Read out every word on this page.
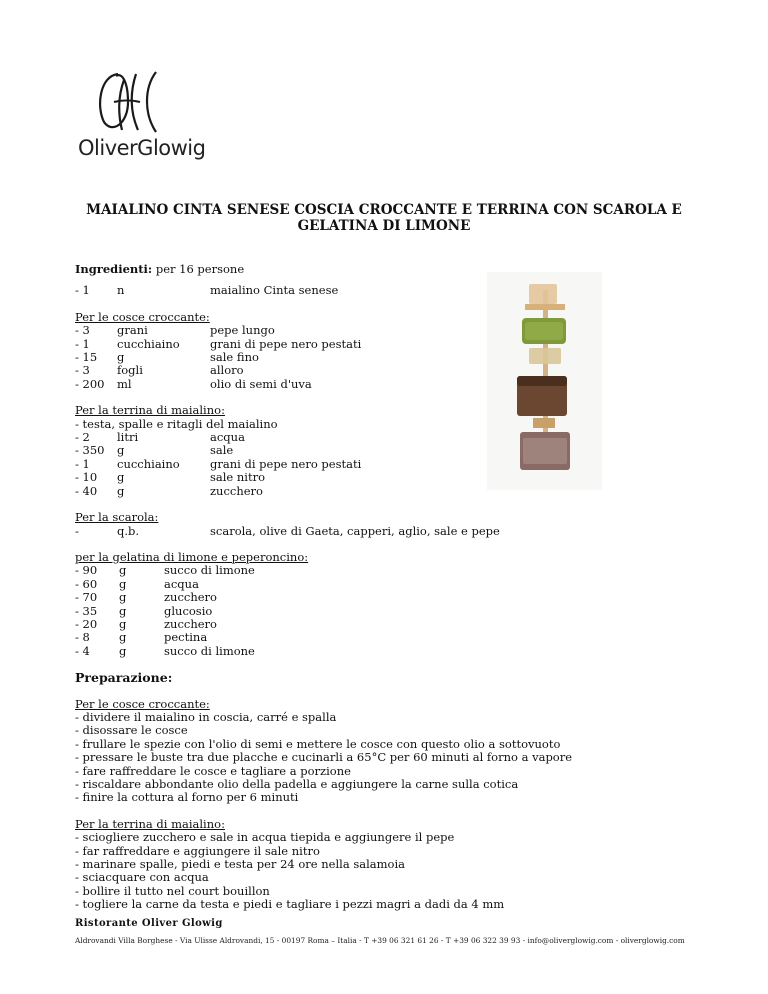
OliverGlowig
MAIALINO CINTA SENESE COSCIA CROCCANTE E TERRINA CON SCAROLA E GELATINA DI LIMONE
Ingredienti:
per 16 persone
- 1	n	maialino Cinta senese
Per le cosce croccante:
- 3	grani	pepe lungo
- 1	cucchiaino	grani di pepe nero pestati
- 15	g	sale fino
- 3	fogli	alloro
- 200	ml	olio di semi d'uva
Per la terrina di maialino:
- testa, spalle e ritagli del maialino
- 2	litri	acqua
- 350	g	sale
- 1	cucchiaino	grani di pepe nero pestati
- 10	g	sale nitro
- 40	g	zucchero
Per la scarola:
-	q.b.	scarola, olive di Gaeta, capperi, aglio, sale e pepe
per la gelatina di limone e peperoncino:
- 90	g	succo di limone
- 60	g	acqua
- 70	g	zucchero
- 35	g	glucosio
- 20	g	zucchero
- 8	g	pectina
- 4	g	succo di limone
Preparazione:
Per le cosce croccante:
- dividere il maialino in coscia, carré e spalla
- disossare le cosce
- frullare le spezie con l'olio di semi e mettere le cosce con questo olio a sottovuoto
- pressare le buste tra due placche e cucinarli a 65°C per 60 minuti al forno a vapore
- fare raffreddare le cosce e tagliare a porzione
- riscaldare abbondante olio della padella e aggiungere la carne sulla cotica
- finire la cottura al forno per 6 minuti
Per la terrina di maialino:
- sciogliere zucchero e sale in acqua tiepida e aggiungere il pepe
- far raffreddare e aggiungere il sale nitro
- marinare spalle, piedi e testa per 24 ore nella salamoia
- sciacquare con acqua
- bollire il tutto nel court bouillon
- togliere la carne da testa e piedi e tagliare i pezzi magri a dadi da 4 mm
Ristorante Oliver Glowig
Aldrovandi Villa Borghese - Via Ulisse Aldrovandi, 15 - 00197 Roma – Italia - T +39 06 321 61 26 - T +39 06 322 39 93 - info@oliverglowig.com - oliverglowig.com
